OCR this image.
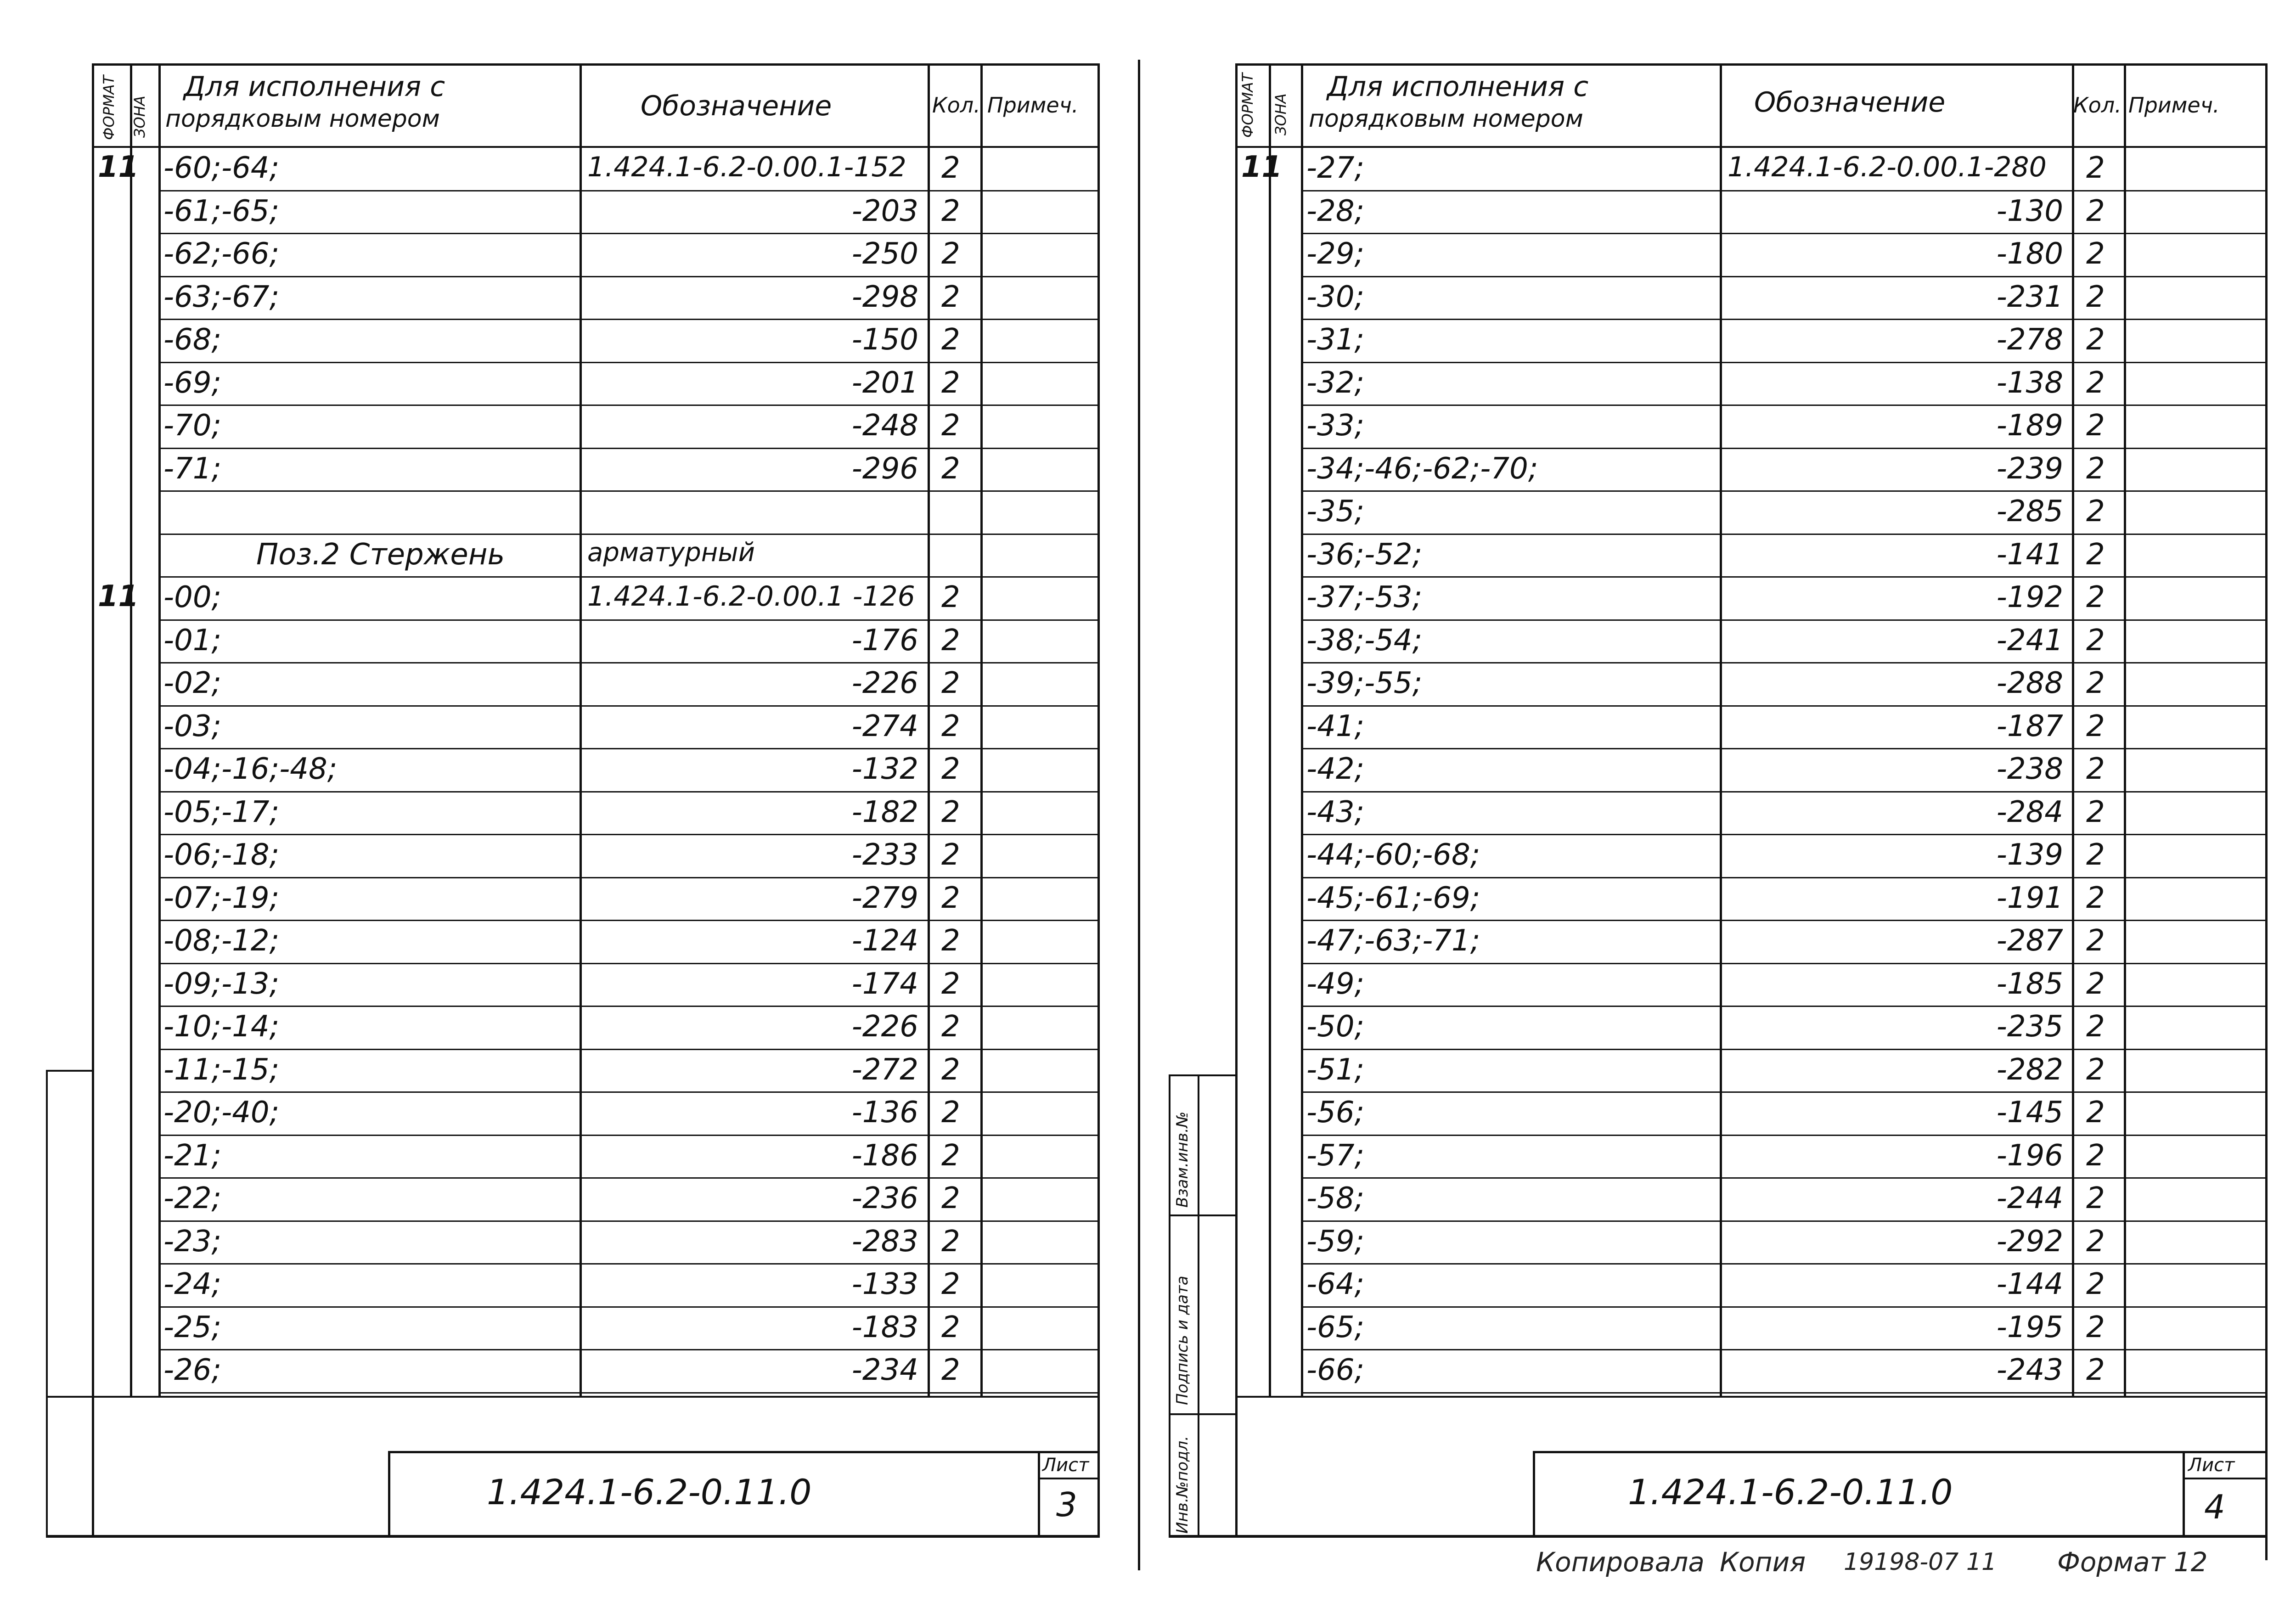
ФОРМАТ ЗОНА
Для исполнения с
порядковым номером	Обозначение	Кол. Примеч.
11 -60;-64;	1.424.1-6.2-0.00.1-152 2
-61;-65;	-203 2
-62;-66;	-250 2
-63;-67;	-298 2
-68;	-150 2
-69;	-201 2
-70;	-248 2
-71;	-296 2
Поз.2 Стержень	арматурный
11 -00;	1.424.1-6.2-0.00.1 -126 2
-01;	-176 2
-02;	-226 2
-03;	-274 2
-04;-16;-48;	-132 2
-05;-17;	-182 2
-06;-18;	-233 2
-07;-19;	-279 2
-08;-12;	-124 2
-09;-13;	-174 2
-10;-14;	-226 2
-11;-15;	-272 2
-20;-40;	-136 2
-21;	-186 2
-22;	-236 2
-23;	-283 2
-24;	-133 2
-25;	-183 2
-26;	-234 2
1.424.1-6.2-0.11.0
Лист
3
Взам.инв.№
Подпись и дата
Инв.№подл.
ФОРМАТ ЗОНА
Для исполнения с
порядковым номером
Обозначение	Кол. Примеч.
11 -27;	1.424.1-6.2-0.00.1-280 2
-28;	-130 2
-29;	-180 2
-30;	-231 2
-31;	-278 2
-32;	-138 2
-33;	-189 2
-34;-46;-62;-70;	-239 2
-35;	-285 2
-36;-52;	-141 2
-37;-53;	-192 2
-38;-54;	-241 2
-39;-55;	-288 2
-41;	-187 2
-42;	-238 2
-43;	-284 2
-44;-60;-68;	-139 2
-45;-61;-69;	-191 2
-47;-63;-71;	-287 2
-49;	-185 2
-50;	-235 2
-51;	-282 2
-56;	-145 2
-57;	-196 2
-58;	-244 2
-59;	-292 2
-64;	-144 2
-65;	-195 2
-66;	-243 2
1.424.1-6.2-0.11.0
Лист
4
Копировала Копия 19198-07 11 Формат 12
